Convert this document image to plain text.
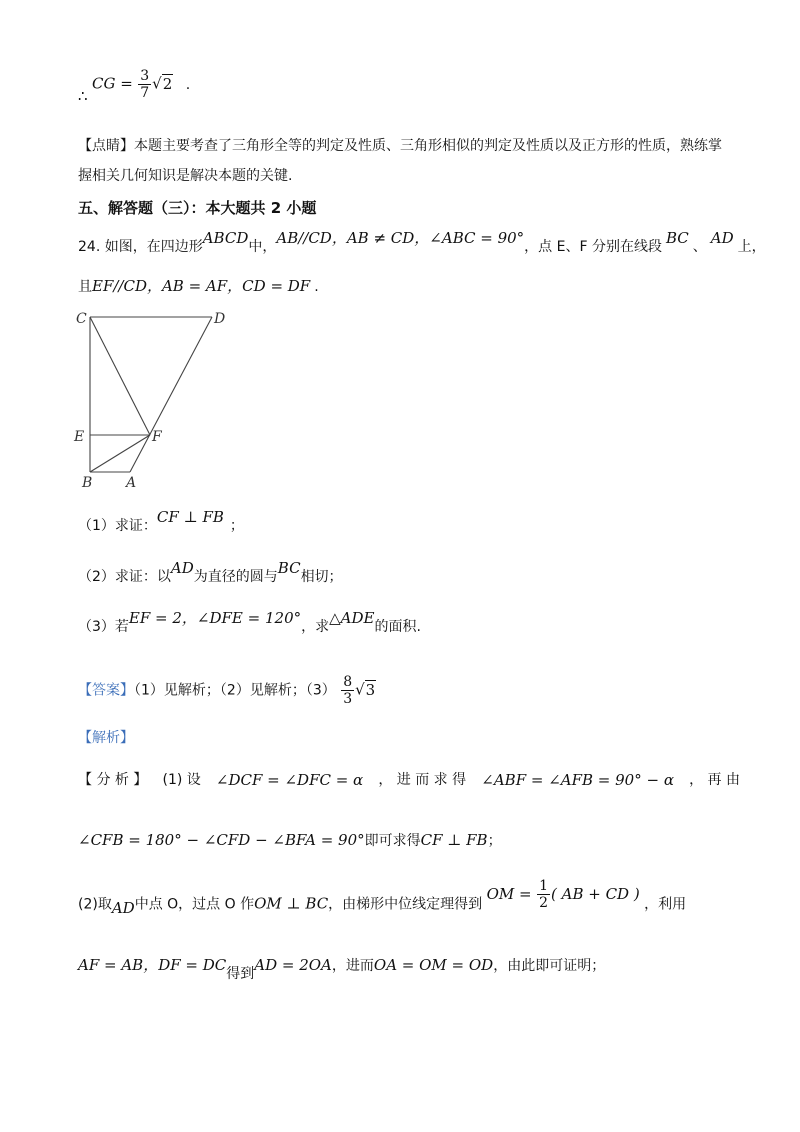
∴ CG = $\frac{3}{7} √2$ .
【点睛】本题主要考查了三角形全等的判定及性质、三角形相似的判定及性质以及正方形的性质，熟练掌
握相关几何知识是解决本题的关键.
五、解答题（三）：本大题共 2 小题
24. 如图，在四边形ABCD中，AB//CD，AB ≠ CD，∠ABC = 90°，点 E、F 分别在线段 BC 、 AD 上，
且EF//CD，AB = AF，CD = DF .
C	D
E	F
B A
（1）求证：CF ⊥ FB ；
（2）求证：以AD为直径的圆与BC相切；
（3）若EF = 2，∠DFE = 120°，求△ADE的面积.
【答案】（1）见解析；（2）见解析；$(3) \frac{8}{3} √3$
【解析】
【 分 析 】 (1) 设 ∠DCF = ∠DFC = α ， 进 而 求 得 ∠ABF = ∠AFB = 90° − α ， 再 由
∠CFB = 180° − ∠CFD − ∠BFA = 90°即可求得CF ⊥ FB；
(2)取AD中点 O，过点 O 作OM ⊥ BC，由梯形中位线定理得到 OM = $\frac{1}{2}$ ( AB + CD ) ，利用
AF = AB，DF = DC得到AD = 2OA，进而OA = OM = OD，由此即可证明；
